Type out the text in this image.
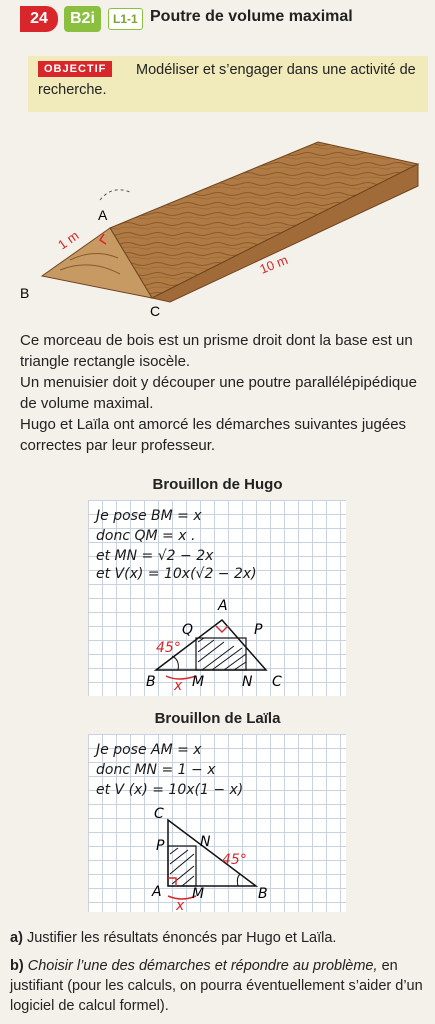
24	B2i	L1-1 Poutre de volume maximal
Modéliser et s’engager dans une activité de recherche.
OBJECTIF
A
B
C
1 m
10 m
Ce morceau de bois est un prisme droit dont la base est un triangle rectangle isocèle.
Un menuisier doit y découper une poutre parallélépipédique de volume maximal.
Hugo et Laïla ont amorcé les démarches suivantes jugées correctes par leur professeur.
Brouillon de Hugo
Je pose BM = x
donc QM = x .
et MN = √2 − 2x
et V(x) = 10x(√2 − 2x)
A
Q	P
45°
B x M	N C
Brouillon de Laïla
Je pose AM = x
donc MN = 1 − x
et V (x) = 10x(1 − x)
C
P	N
45°
A
x
M	B
a) Justifier les résultats énoncés par Hugo et Laïla.
b) Choisir l’une des démarches et répondre au problème, en justifiant (pour les calculs, on pourra éventuellement s’aider d’un logiciel de calcul formel).
